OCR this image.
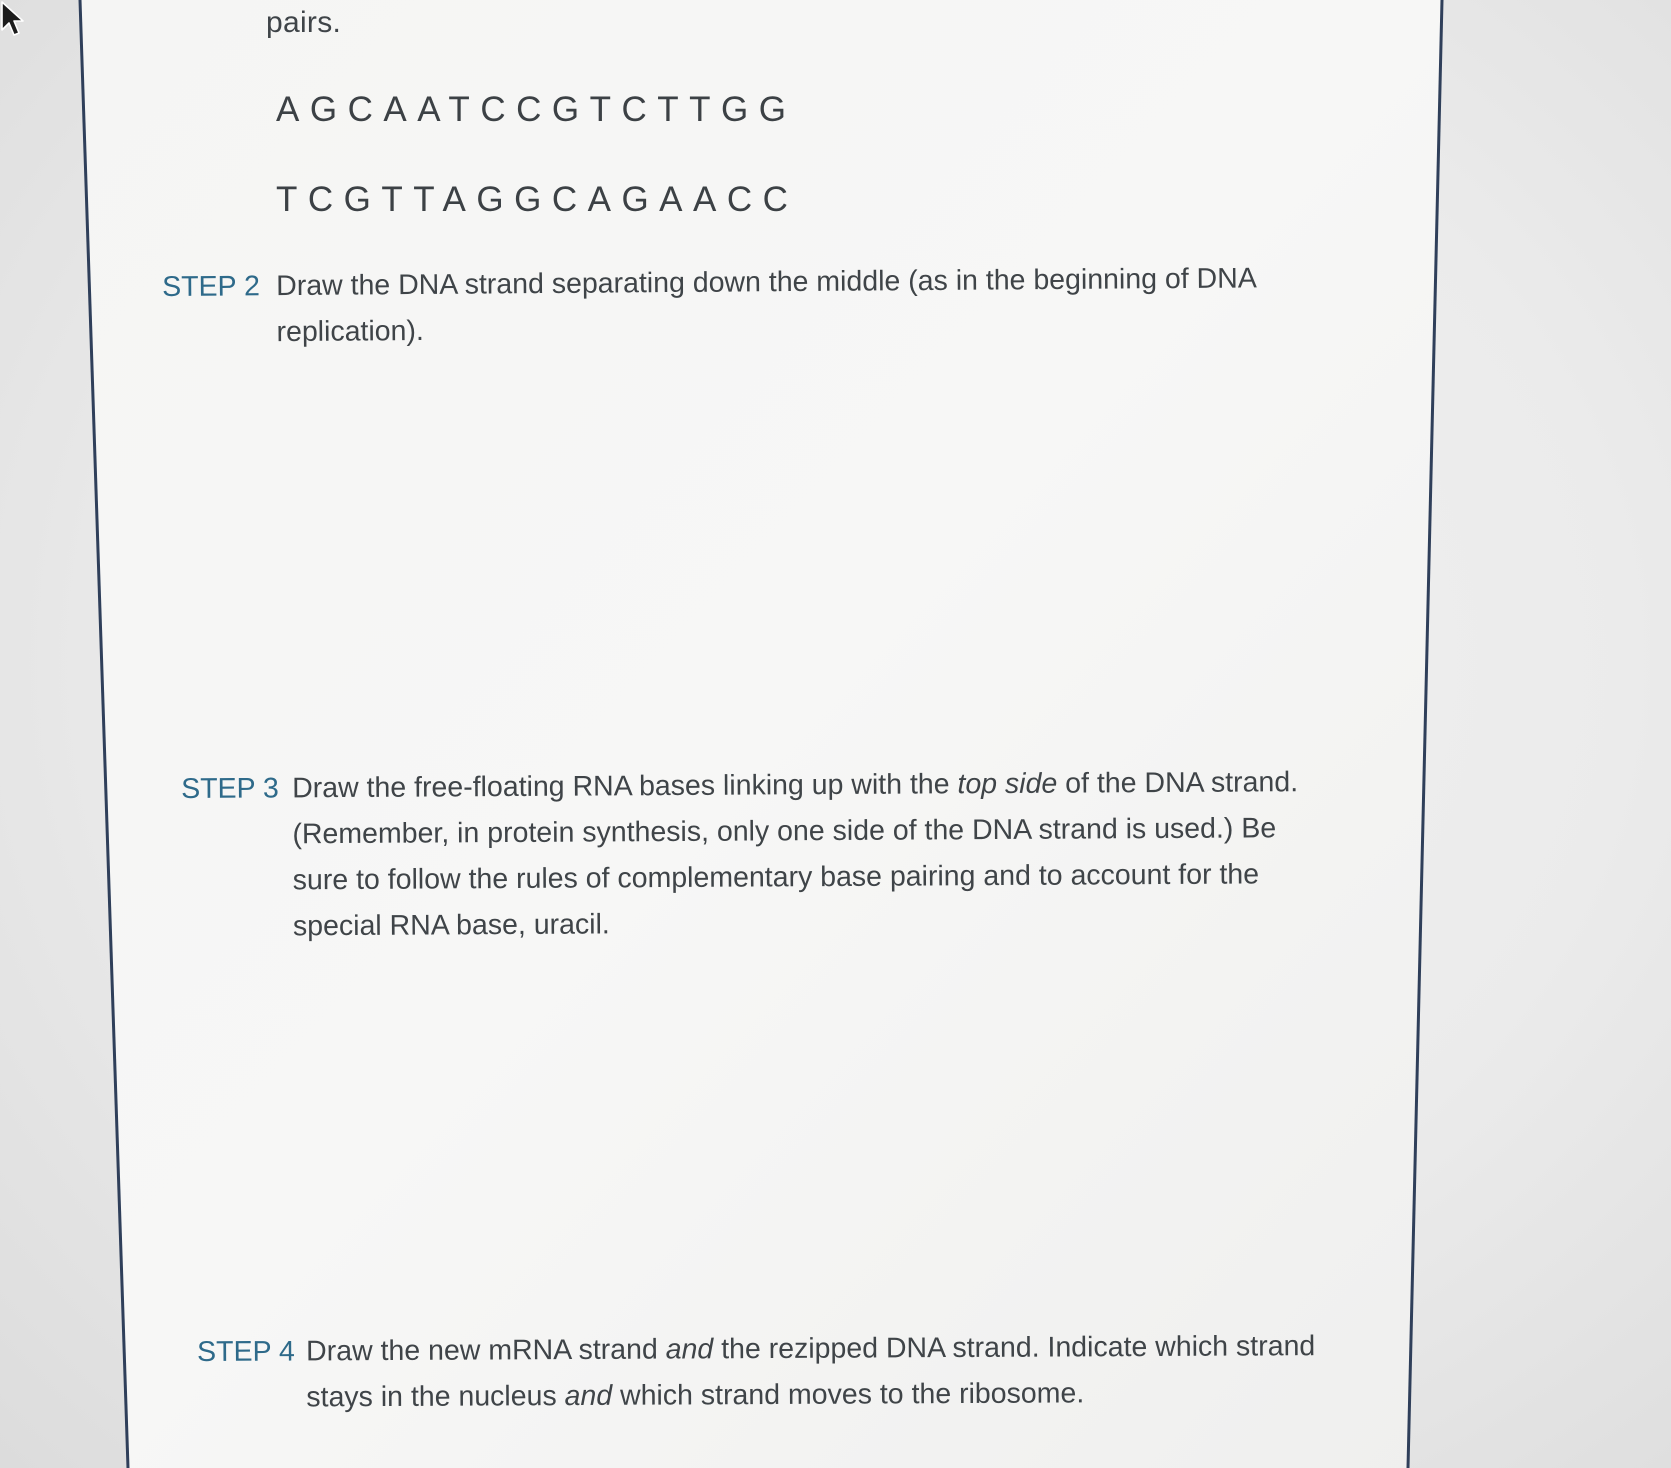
pairs.
AGCAATCCGTCTTGG
TCGTTAGGCAGAACC
STEP 2 Draw the DNA strand separating down the middle (as in the beginning of DNA
replication).
STEP 3 Draw the free-floating RNA bases linking up with the top side of the DNA strand.
(Remember, in protein synthesis, only one side of the DNA strand is used.) Be
sure to follow the rules of complementary base pairing and to account for the
special RNA base, uracil.
STEP 4 Draw the new mRNA strand and the rezipped DNA strand. Indicate which strand
stays in the nucleus and which strand moves to the ribosome.
